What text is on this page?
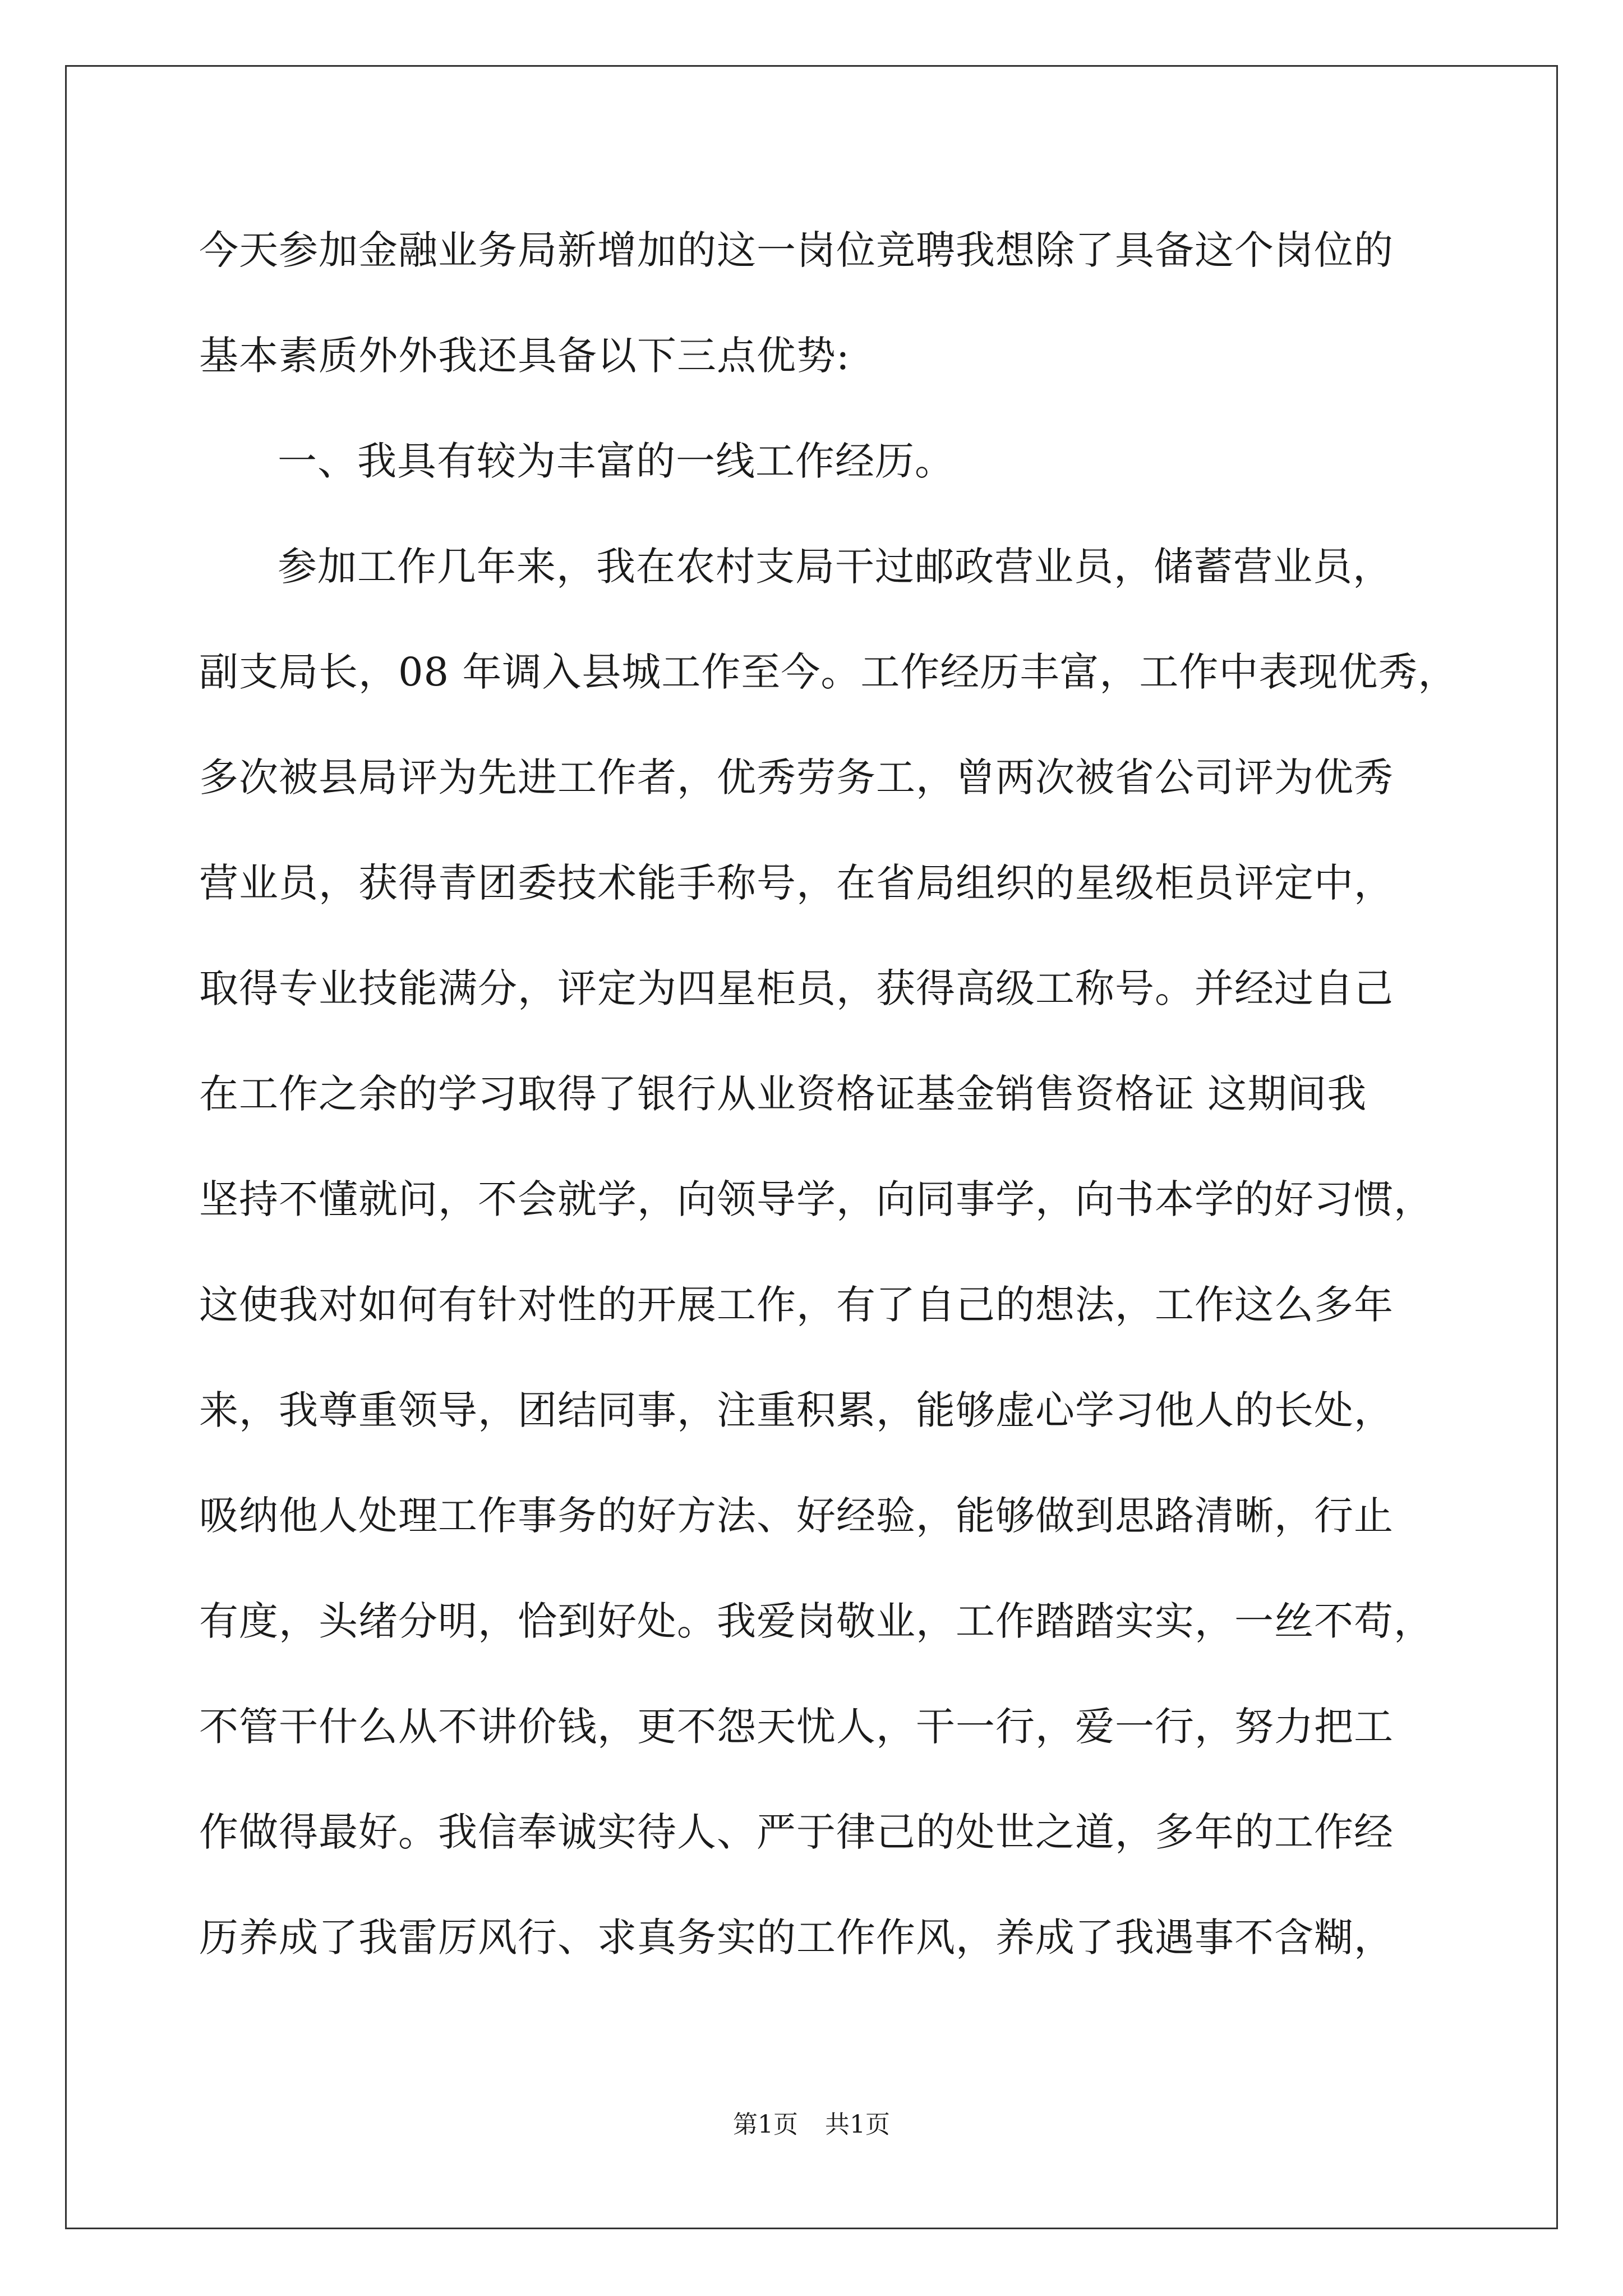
今天参加金融业务局新增加的这一岗位竞聘我想除了具备这个岗位的
基本素质外外我还具备以下三点优势:
一、我具有较为丰富的一线工作经历。
参加工作几年来，我在农村支局干过邮政营业员，储蓄营业员，
副支局长，08 年调入县城工作至今。工作经历丰富，工作中表现优秀，
多次被县局评为先进工作者，优秀劳务工，曾两次被省公司评为优秀
营业员，获得青团委技术能手称号，在省局组织的星级柜员评定中，
取得专业技能满分，评定为四星柜员，获得高级工称号。并经过自己
在工作之余的学习取得了银行从业资格证基金销售资格证 这期间我
坚持不懂就问，不会就学，向领导学，向同事学，向书本学的好习惯，
这使我对如何有针对性的开展工作，有了自己的想法，工作这么多年
来，我尊重领导，团结同事，注重积累，能够虚心学习他人的长处，
吸纳他人处理工作事务的好方法、好经验，能够做到思路清晰，行止
有度，头绪分明，恰到好处。我爱岗敬业，工作踏踏实实，一丝不苟，
不管干什么从不讲价钱，更不怨天忧人，干一行，爱一行，努力把工
作做得最好。我信奉诚实待人、严于律己的处世之道，多年的工作经
历养成了我雷厉风行、求真务实的工作作风，养成了我遇事不含糊，
第1页 共1页
